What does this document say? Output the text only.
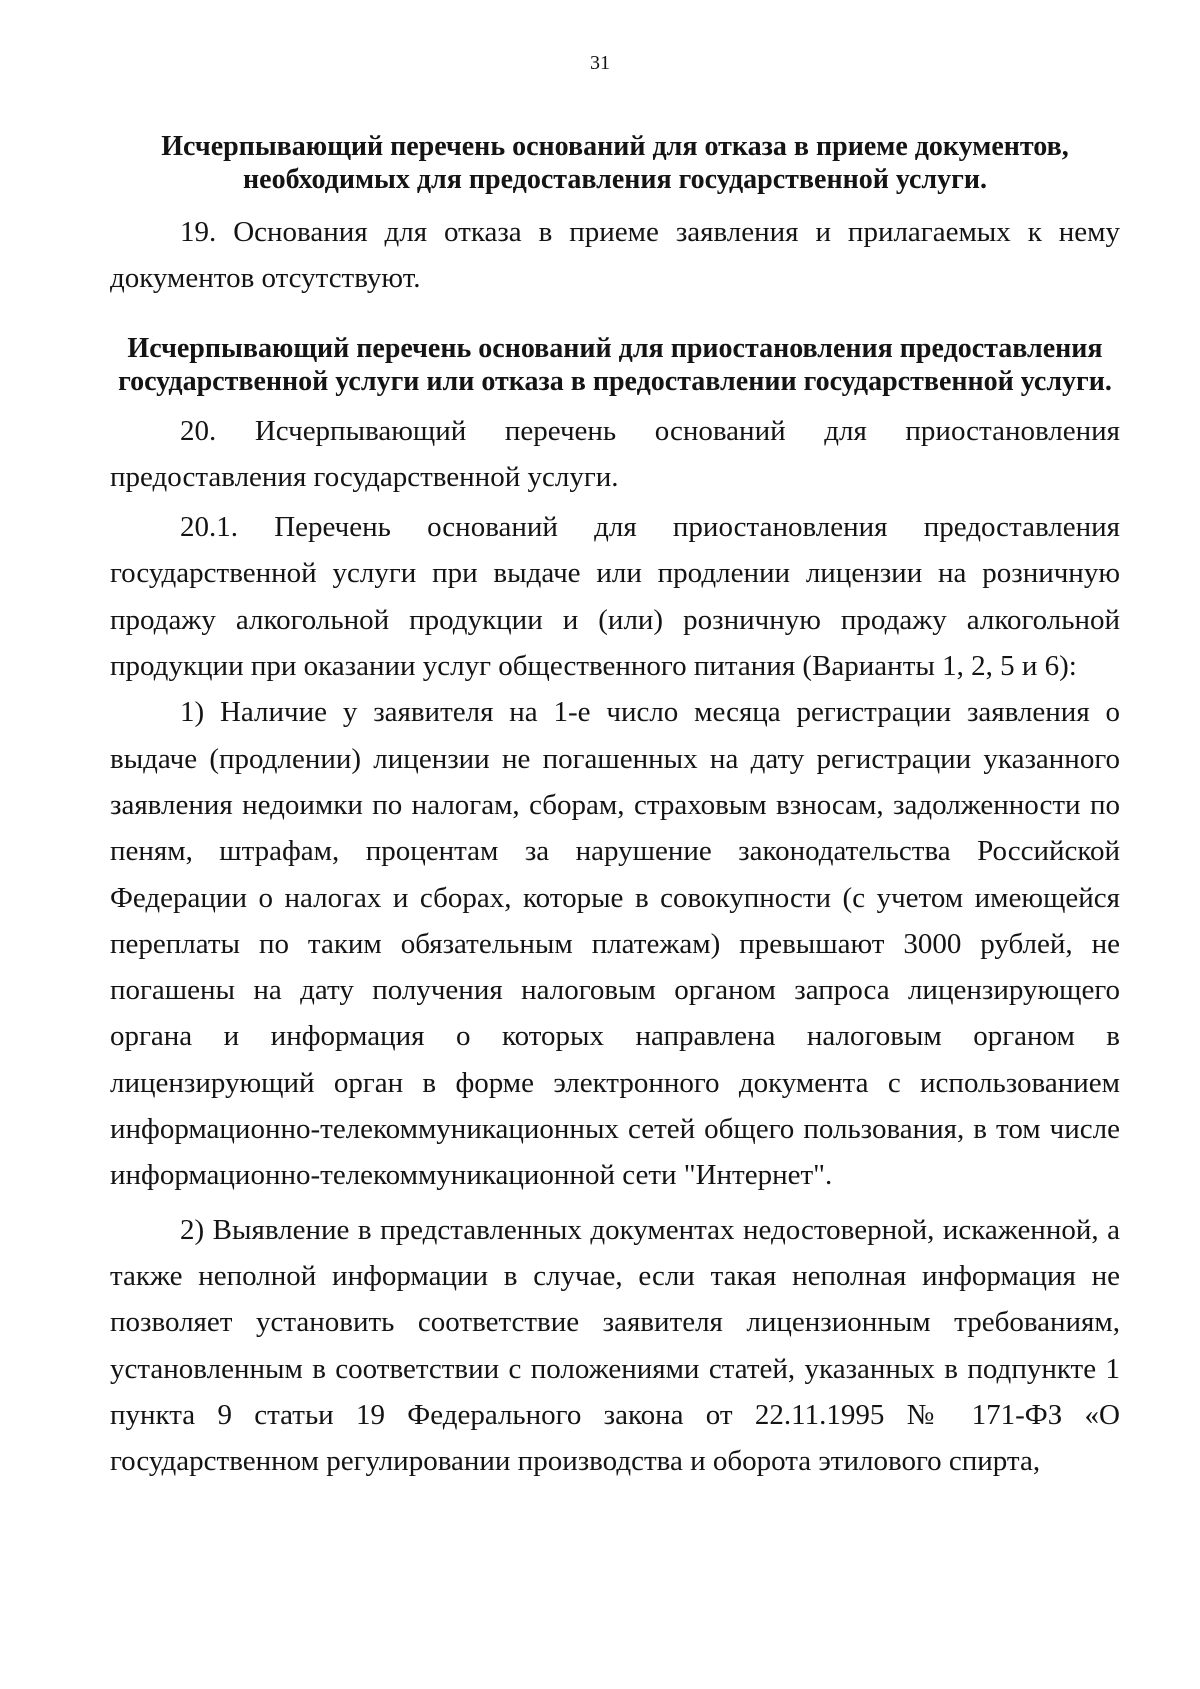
31
Исчерпывающий перечень оснований для отказа в приеме документов, необходимых для предоставления государственной услуги.

19. Основания для отказа в приеме заявления и прилагаемых к нему документов отсутствуют.

Исчерпывающий перечень оснований для приостановления предоставления государственной услуги или отказа в предоставлении государственной услуги.

20. Исчерпывающий перечень оснований для приостановления предоставления государственной услуги.

20.1. Перечень оснований для приостановления предоставления государственной услуги при выдаче или продлении лицензии на розничную продажу алкогольной продукции и (или) розничную продажу алкогольной продукции при оказании услуг общественного питания (Варианты 1, 2, 5 и 6):

1) Наличие у заявителя на 1-е число месяца регистрации заявления о выдаче (продлении) лицензии не погашенных на дату регистрации указанного заявления недоимки по налогам, сборам, страховым взносам, задолженности по пеням, штрафам, процентам за нарушение законодательства Российской Федерации о налогах и сборах, которые в совокупности (с учетом имеющейся переплаты по таким обязательным платежам) превышают 3000 рублей, не погашены на дату получения налоговым органом запроса лицензирующего органа и информация о которых направлена налоговым органом в лицензирующий орган в форме электронного документа с использованием информационно-телекоммуникационных сетей общего пользования, в том числе информационно-телекоммуникационной сети "Интернет".

2) Выявление в представленных документах недостоверной, искаженной, а также неполной информации в случае, если такая неполная информация не позволяет установить соответствие заявителя лицензионным требованиям, установленным в соответствии с положениями статей, указанных в подпункте 1 пункта 9 статьи 19 Федерального закона от 22.11.1995 № 171-ФЗ «О государственном регулировании производства и оборота этилового спирта,
